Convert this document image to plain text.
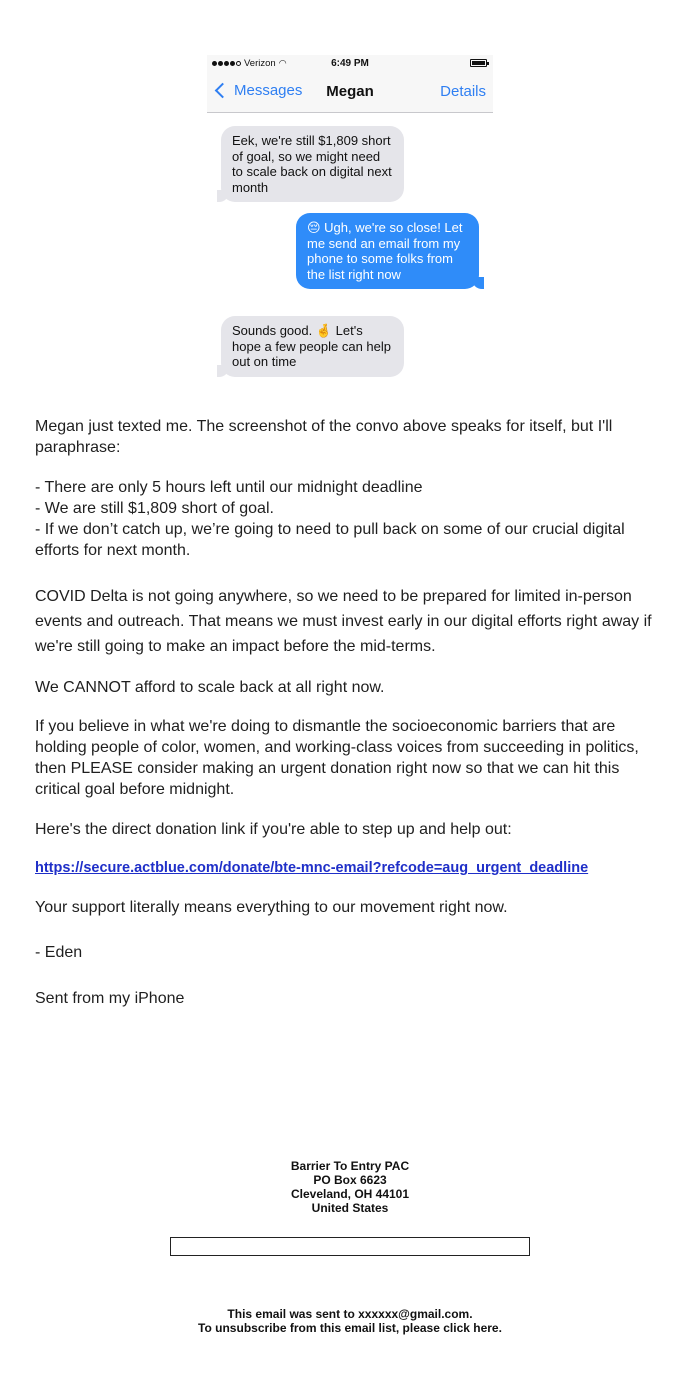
Verizon ◠	6:49 PM
Messages	Megan	Details
Eek, we're still $1,809 short of goal, so we might need to scale back on digital next month
😔 Ugh, we're so close! Let me send an email from my phone to some folks from the list right now
Sounds good. 🤞 Let's hope a few people can help out on time

Megan just texted me. The screenshot of the convo above speaks for itself, but I'll paraphrase:

- There are only 5 hours left until our midnight deadline
- We are still $1,809 short of goal.
- If we don’t catch up, we’re going to need to pull back on some of our crucial digital efforts for next month.

COVID Delta is not going anywhere, so we need to be prepared for limited in-person events and outreach. That means we must invest early in our digital efforts right away if we're still going to make an impact before the mid-terms.

We CANNOT afford to scale back at all right now.

If you believe in what we're doing to dismantle the socioeconomic barriers that are holding people of color, women, and working-class voices from succeeding in politics, then PLEASE consider making an urgent donation right now so that we can hit this critical goal before midnight.

Here's the direct donation link if you're able to step up and help out:

https://secure.actblue.com/donate/bte-mnc-email?refcode=aug_urgent_deadline

Your support literally means everything to our movement right now.

- Eden

Sent from my iPhone

Barrier To Entry PAC
PO Box 6623
Cleveland, OH 44101
United States
This email was sent to xxxxxx@gmail.com.
To unsubscribe from this email list, please click here.
